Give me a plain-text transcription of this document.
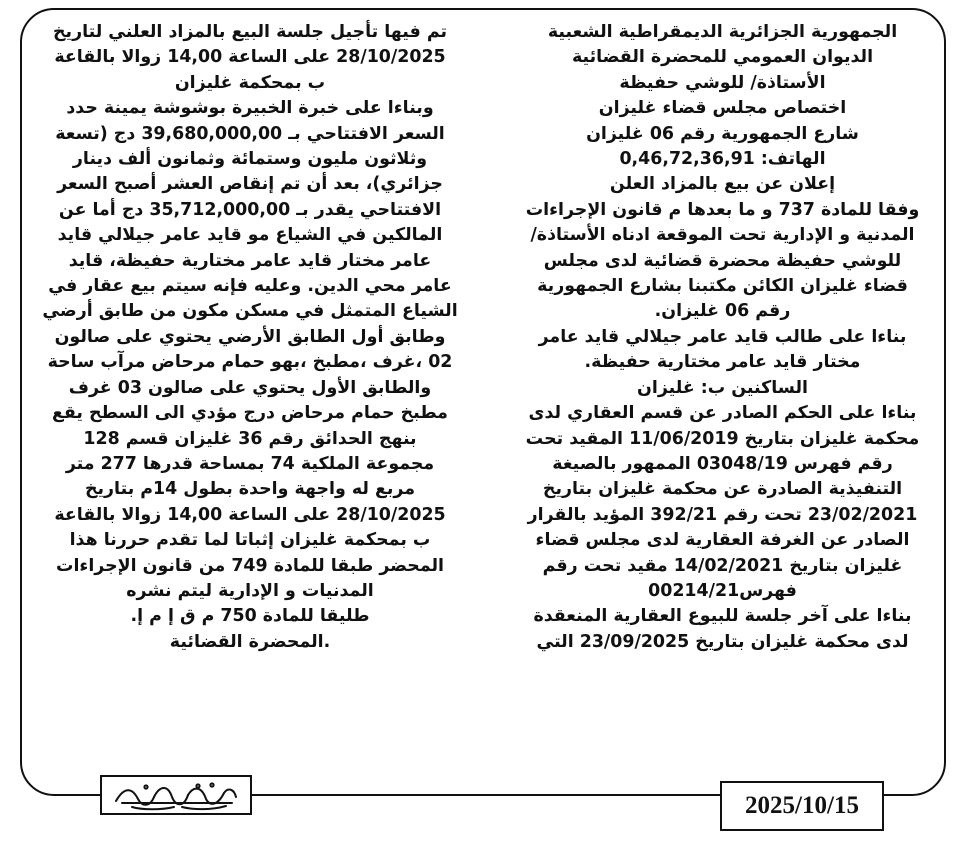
الجمهورية الجزائرية الديمقراطية الشعبية

الديوان العمومي للمحضرة القضائية

الأستاذة/ للوشي حفيظة

اختصاص مجلس قضاء غليزان

شارع الجمهورية رقم 06 غليزان

الهاتف: 0,46,72,36,91

إعلان عن بيع بالمزاد العلن

وفقا للمادة 737 و ما بعدها م قانون الإجراءات

المدنية و الإدارية تحت الموقعة ادناه الأستاذة/

للوشي حفيظة محضرة قضائية لدى مجلس

قضاء غليزان الكائن مكتبنا بشارع الجمهورية

رقم 06 غليزان.

بناءا على طالب قايد عامر جيلالي قايد عامر

مختار قايد عامر مختارية حفيظة.

الساكنين ب: غليزان

بناءا على الحكم الصادر عن قسم العقاري لدى

محكمة غليزان بتاريخ 11/06/2019 المقيد تحت

رقم فهرس 03048/19 الممهور بالصيغة

التنفيذية الصادرة عن محكمة غليزان بتاريخ

23/02/2021 تحت رقم 392/21 المؤيد بالقرار

الصادر عن الغرفة العقارية لدى مجلس قضاء

غليزان بتاريخ 14/02/2021 مقيد تحت رقم

فهرس00214/21

بناءا على آخر جلسة للبيوع العقارية المنعقدة

لدى محكمة غليزان بتاريخ 23/09/2025 التي

تم فيها تأجيل جلسة البيع بالمزاد العلني لتاريخ

28/10/2025 على الساعة 14,00 زوالا بالقاعة

ب بمحكمة غليزان

وبناءا على خبرة الخبيرة بوشوشة يمينة حدد

السعر الافتتاحي بـ 39,680,000,00 دج (تسعة

وثلاثون مليون وستمائة وثمانون ألف دينار

جزائري)، بعد أن تم إنقاص العشر أصبح السعر

الافتتاحي يقدر بـ 35,712,000,00 دج أما عن

المالكين في الشياع مو قايد عامر جيلالي قايد

عامر مختار قايد عامر مختارية حفيظة، قايد

عامر محي الدين. وعليه فإنه سيتم بيع عقار في

الشياع المتمثل في مسكن مكون من طابق أرضي

وطابق أول الطابق الأرضي يحتوي على صالون

02 ،غرف ،مطبخ ،بهو حمام مرحاض مرآب ساحة

والطابق الأول يحتوي على صالون 03 غرف

مطبخ حمام مرحاض درج مؤدي الى السطح يقع

بنهج الحدائق رقم 36 غليزان قسم 128

مجموعة الملكية 74 بمساحة قدرها 277 متر

مربع له واجهة واحدة بطول 14م بتاريخ

28/10/2025 على الساعة 14,00 زوالا بالقاعة

ب بمحكمة غليزان إثباتا لما تقدم حررنا هذا

المحضر طبقا للمادة 749 من قانون الإجراءات

المدنيات و الإدارية ليتم نشره

طليقا للمادة 750 م ق إ م إ.

.المحضرة القضائية

2025/10/15
